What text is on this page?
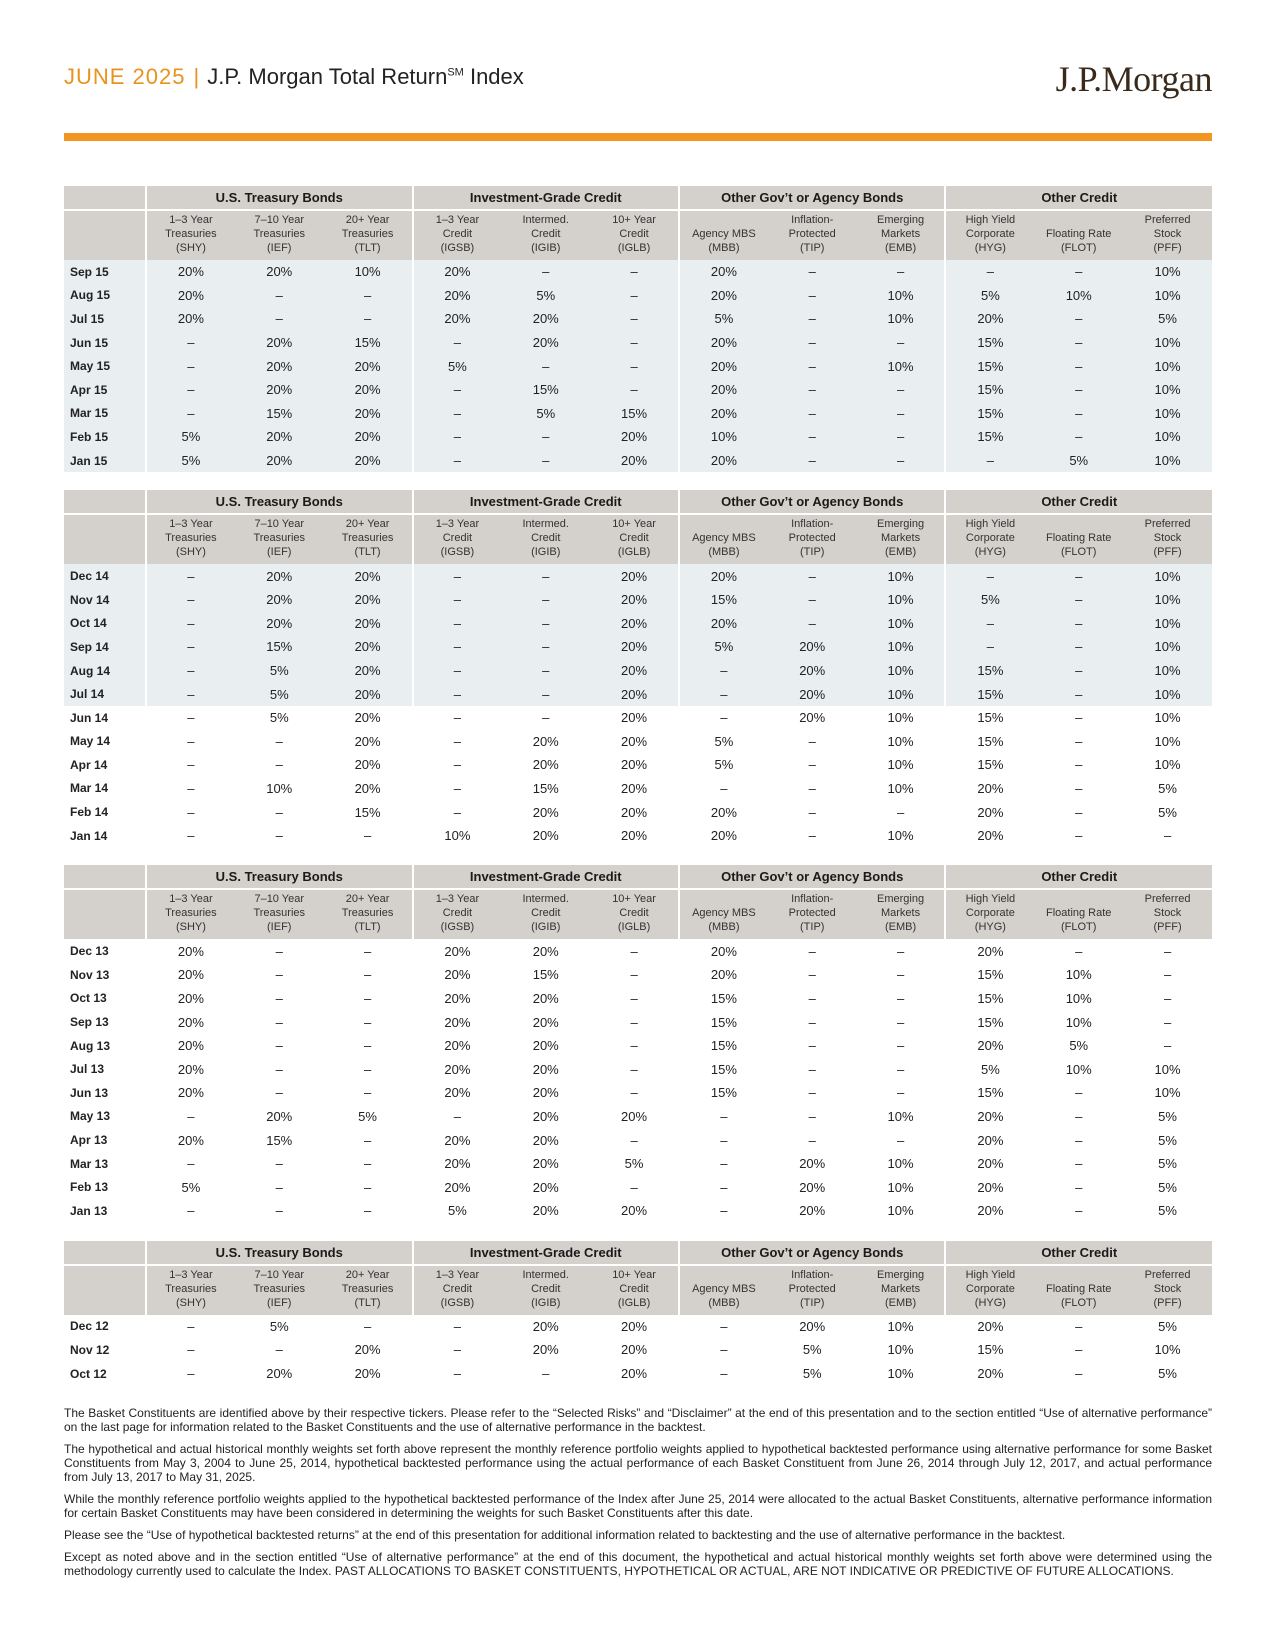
JUNE 2025 | J.P. Morgan Total Return℠ Index	J.P.Morgan
	U.S. Treasury Bonds			Investment-Grade Credit			Other Gov’t or Agency Bonds			Other Credit		

	1–3 Year
Treasuries
(SHY)	7–10 Year
Treasuries
(IEF)	20+ Year
Treasuries
(TLT)	1–3 Year
Credit
(IGSB)	Intermed.
Credit
(IGIB)	10+ Year
Credit
(IGLB)	Agency MBS
(MBB)	Inflation-
Protected
(TIP)	Emerging
Markets
(EMB)	High Yield
Corporate
(HYG)	Floating Rate
(FLOT)	Preferred
Stock
(PFF)

Sep 15	20%	20%	10%	20%	–	–	20%	–	–	–	–	10%
Aug 15	20%	–	–	20%	5%	–	20%	–	10%	5%	10%	10%
Jul 15	20%	–	–	20%	20%	–	5%	–	10%	20%	–	5%
Jun 15	–	20%	15%	–	20%	–	20%	–	–	15%	–	10%
May 15	–	20%	20%	5%	–	–	20%	–	10%	15%	–	10%
Apr 15	–	20%	20%	–	15%	–	20%	–	–	15%	–	10%
Mar 15	–	15%	20%	–	5%	15%	20%	–	–	15%	–	10%
Feb 15	5%	20%	20%	–	–	20%	10%	–	–	15%	–	10%
Jan 15	5%	20%	20%	–	–	20%	20%	–	–	–	5%	10%
	U.S. Treasury Bonds			Investment-Grade Credit			Other Gov’t or Agency Bonds			Other Credit		

	1–3 Year
Treasuries
(SHY)	7–10 Year
Treasuries
(IEF)	20+ Year
Treasuries
(TLT)	1–3 Year
Credit
(IGSB)	Intermed.
Credit
(IGIB)	10+ Year
Credit
(IGLB)	Agency MBS
(MBB)	Inflation-
Protected
(TIP)	Emerging
Markets
(EMB)	High Yield
Corporate
(HYG)	Floating Rate
(FLOT)	Preferred
Stock
(PFF)

Dec 14	–	20%	20%	–	–	20%	20%	–	10%	–	–	10%
Nov 14	–	20%	20%	–	–	20%	15%	–	10%	5%	–	10%
Oct 14	–	20%	20%	–	–	20%	20%	–	10%	–	–	10%
Sep 14	–	15%	20%	–	–	20%	5%	20%	10%	–	–	10%
Aug 14	–	5%	20%	–	–	20%	–	20%	10%	15%	–	10%
Jul 14	–	5%	20%	–	–	20%	–	20%	10%	15%	–	10%
Jun 14	–	5%	20%	–	–	20%	–	20%	10%	15%	–	10%
May 14	–	–	20%	–	20%	20%	5%	–	10%	15%	–	10%
Apr 14	–	–	20%	–	20%	20%	5%	–	10%	15%	–	10%
Mar 14	–	10%	20%	–	15%	20%	–	–	10%	20%	–	5%
Feb 14	–	–	15%	–	20%	20%	20%	–	–	20%	–	5%
Jan 14	–	–	–	10%	20%	20%	20%	–	10%	20%	–	–
	U.S. Treasury Bonds			Investment-Grade Credit			Other Gov’t or Agency Bonds			Other Credit		

	1–3 Year
Treasuries
(SHY)	7–10 Year
Treasuries
(IEF)	20+ Year
Treasuries
(TLT)	1–3 Year
Credit
(IGSB)	Intermed.
Credit
(IGIB)	10+ Year
Credit
(IGLB)	Agency MBS
(MBB)	Inflation-
Protected
(TIP)	Emerging
Markets
(EMB)	High Yield
Corporate
(HYG)	Floating Rate
(FLOT)	Preferred
Stock
(PFF)

Dec 13	20%	–	–	20%	20%	–	20%	–	–	20%	–	–
Nov 13	20%	–	–	20%	15%	–	20%	–	–	15%	10%	–
Oct 13	20%	–	–	20%	20%	–	15%	–	–	15%	10%	–
Sep 13	20%	–	–	20%	20%	–	15%	–	–	15%	10%	–
Aug 13	20%	–	–	20%	20%	–	15%	–	–	20%	5%	–
Jul 13	20%	–	–	20%	20%	–	15%	–	–	5%	10%	10%
Jun 13	20%	–	–	20%	20%	–	15%	–	–	15%	–	10%
May 13	–	20%	5%	–	20%	20%	–	–	10%	20%	–	5%
Apr 13	20%	15%	–	20%	20%	–	–	–	–	20%	–	5%
Mar 13	–	–	–	20%	20%	5%	–	20%	10%	20%	–	5%
Feb 13	5%	–	–	20%	20%	–	–	20%	10%	20%	–	5%
Jan 13	–	–	–	5%	20%	20%	–	20%	10%	20%	–	5%
	U.S. Treasury Bonds			Investment-Grade Credit			Other Gov’t or Agency Bonds			Other Credit		

	1–3 Year
Treasuries
(SHY)	7–10 Year
Treasuries
(IEF)	20+ Year
Treasuries
(TLT)	1–3 Year
Credit
(IGSB)	Intermed.
Credit
(IGIB)	10+ Year
Credit
(IGLB)	Agency MBS
(MBB)	Inflation-
Protected
(TIP)	Emerging
Markets
(EMB)	High Yield
Corporate
(HYG)	Floating Rate
(FLOT)	Preferred
Stock
(PFF)

Dec 12	–	5%	–	–	20%	20%	–	20%	10%	20%	–	5%
Nov 12	–	–	20%	–	20%	20%	–	5%	10%	15%	–	10%
Oct 12	–	20%	20%	–	–	20%	–	5%	10%	20%	–	5%

The Basket Constituents are identified above by their respective tickers. Please refer to the “Selected Risks” and “Disclaimer” at the end of this presentation and to the section entitled “Use of alternative performance” on the last page for information related to the Basket Constituents and the use of alternative performance in the backtest.

The hypothetical and actual historical monthly weights set forth above represent the monthly reference portfolio weights applied to hypothetical backtested performance using alternative performance for some Basket Constituents from May 3, 2004 to June 25, 2014, hypothetical backtested performance using the actual performance of each Basket Constituent from June 26, 2014 through July 12, 2017, and actual performance from July 13, 2017 to May 31, 2025.

While the monthly reference portfolio weights applied to the hypothetical backtested performance of the Index after June 25, 2014 were allocated to the actual Basket Constituents, alternative performance information for certain Basket Constituents may have been considered in determining the weights for such Basket Constituents after this date.

Please see the “Use of hypothetical backtested returns” at the end of this presentation for additional information related to backtesting and the use of alternative performance in the backtest.

Except as noted above and in the section entitled “Use of alternative performance” at the end of this document, the hypothetical and actual historical monthly weights set forth above were determined using the methodology currently used to calculate the Index. PAST ALLOCATIONS TO BASKET CONSTITUENTS, HYPOTHETICAL OR ACTUAL, ARE NOT INDICATIVE OR PREDICTIVE OF FUTURE ALLOCATIONS.
